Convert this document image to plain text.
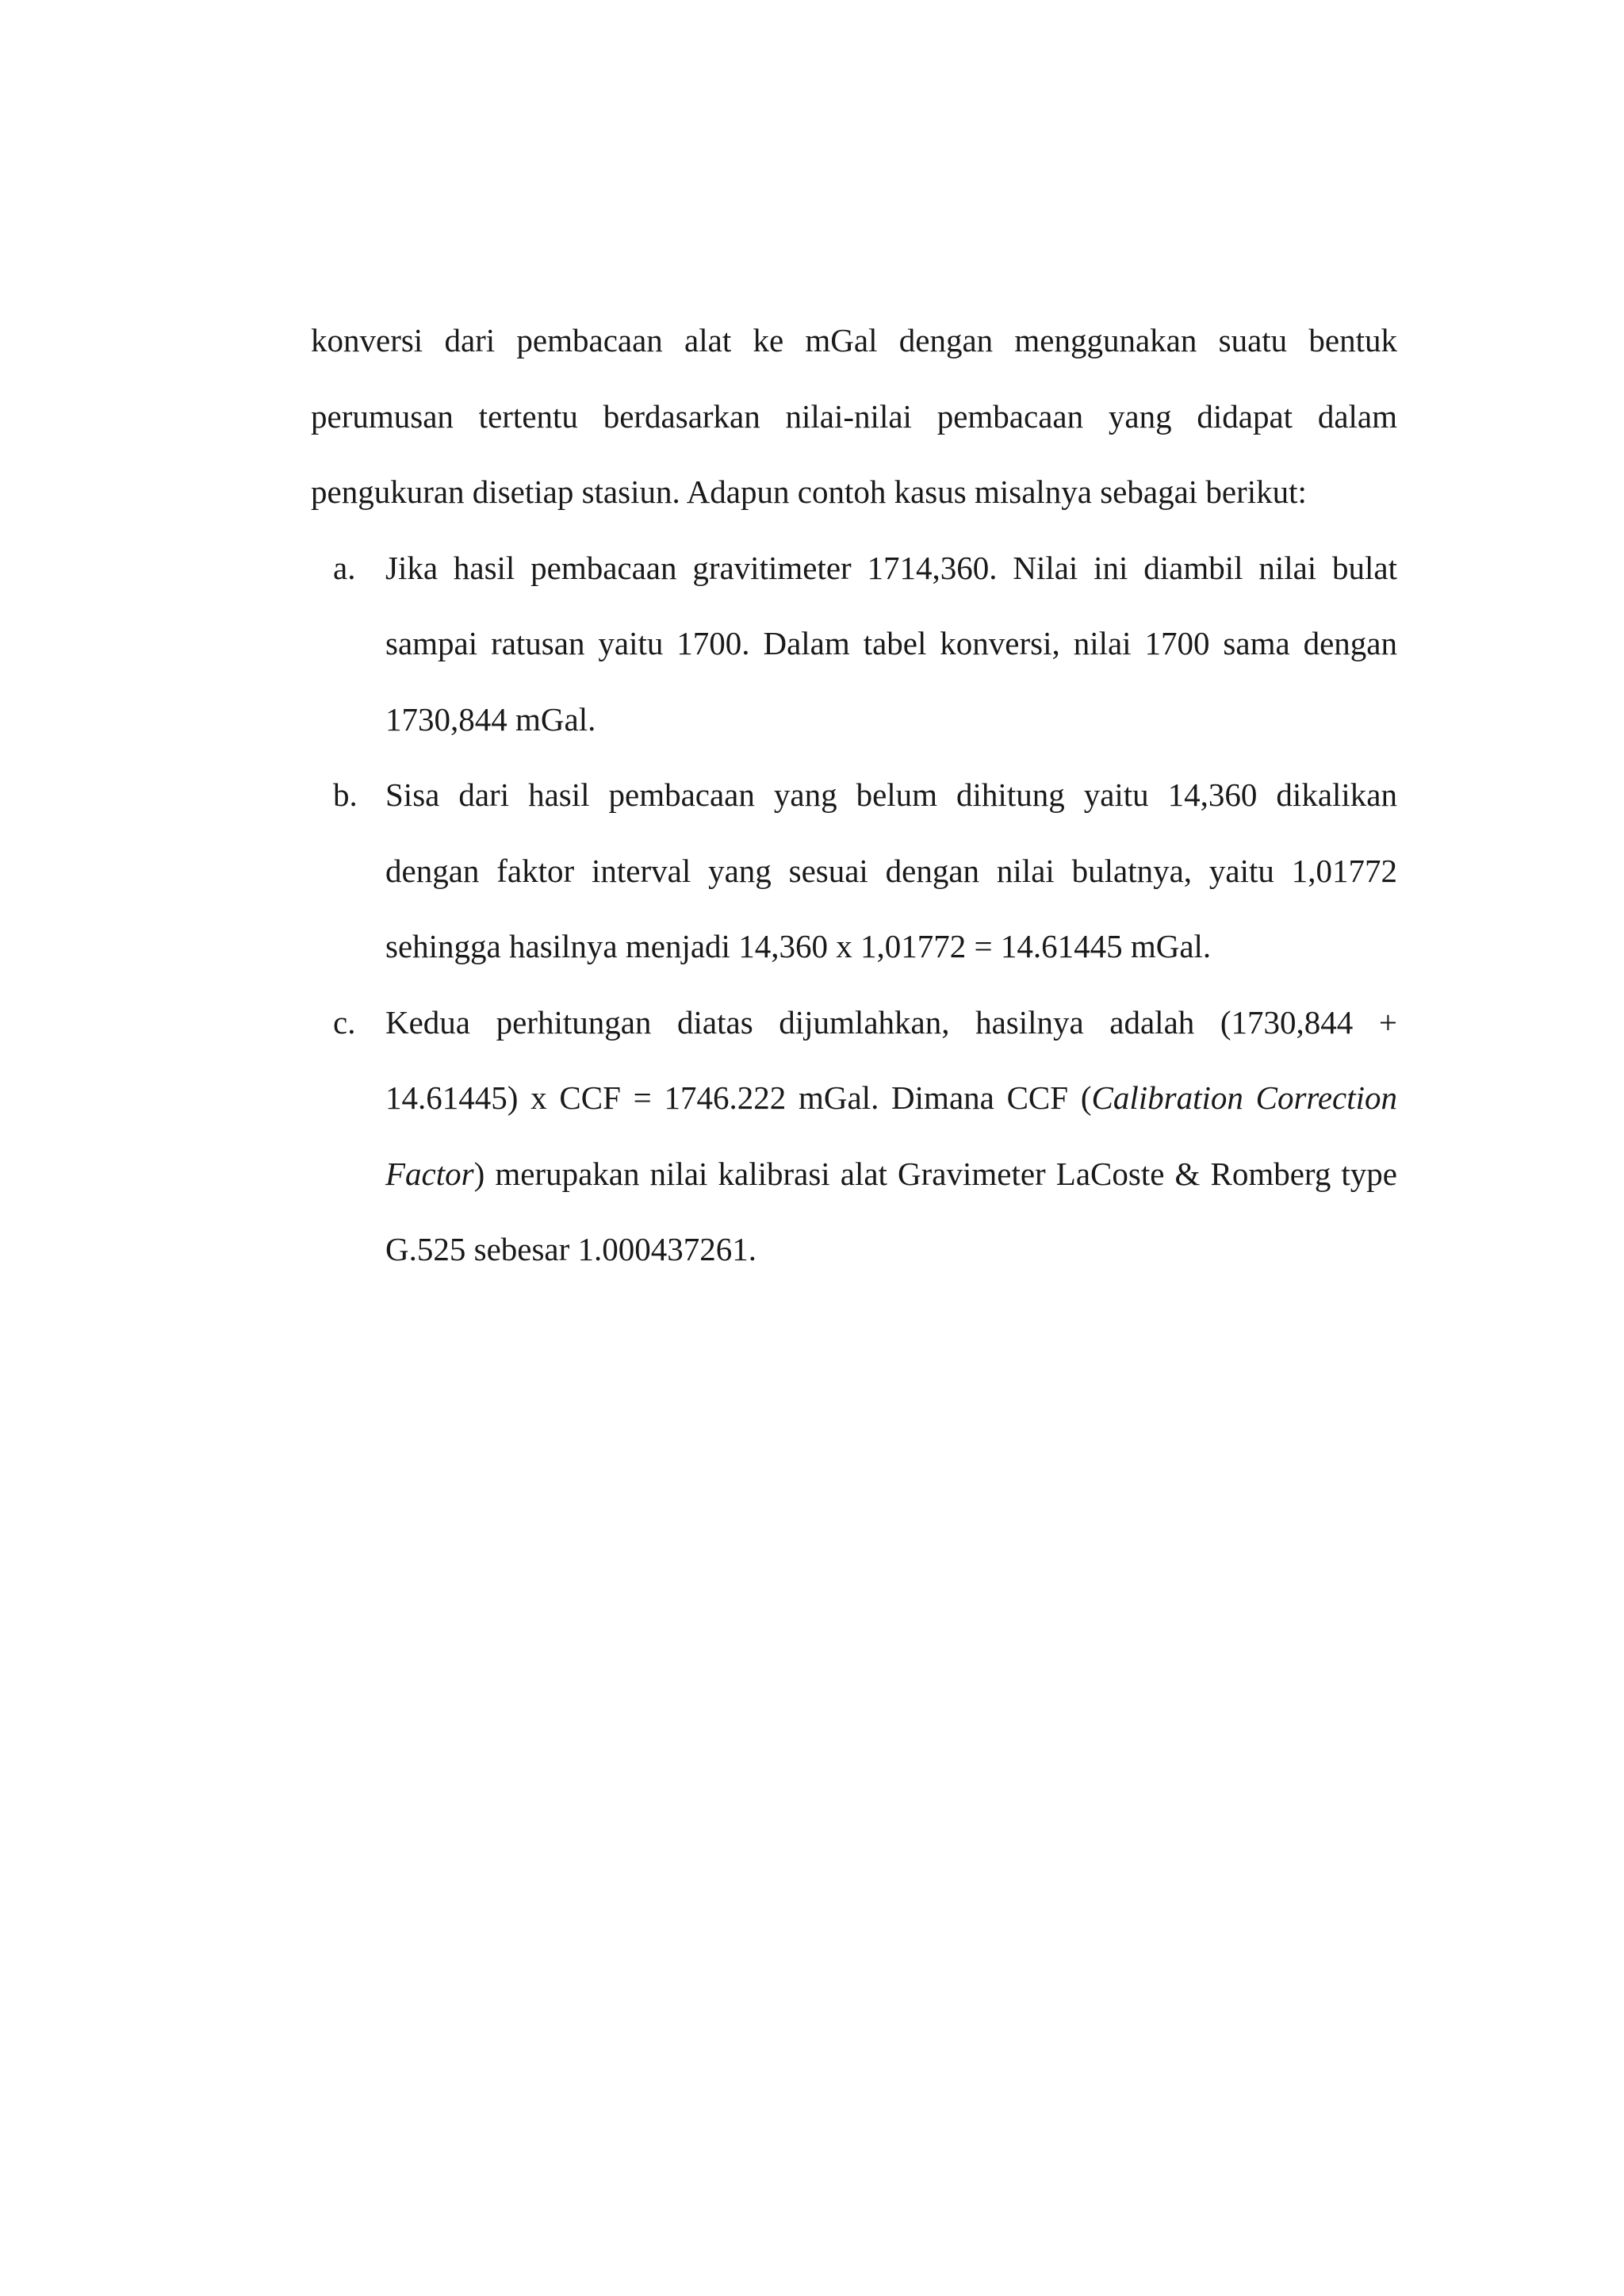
konversi dari pembacaan alat ke mGal dengan menggunakan suatu bentuk perumusan tertentu berdasarkan nilai-nilai pembacaan yang didapat dalam pengukuran disetiap stasiun. Adapun contoh kasus misalnya sebagai berikut:

a. Jika hasil pembacaan gravitimeter 1714,360. Nilai ini diambil nilai bulat sampai ratusan yaitu 1700. Dalam tabel konversi, nilai 1700 sama dengan 1730,844 mGal.
b. Sisa dari hasil pembacaan yang belum dihitung yaitu 14,360 dikalikan dengan faktor interval yang sesuai dengan nilai bulatnya, yaitu 1,01772 sehingga hasilnya menjadi 14,360 x 1,01772 = 14.61445 mGal.
c. Kedua perhitungan diatas dijumlahkan, hasilnya adalah (1730,844 + 14.61445) x CCF = 1746.222 mGal. Dimana CCF (Calibration Correction Factor) merupakan nilai kalibrasi alat Gravimeter LaCoste & Romberg type G.525 sebesar 1.000437261.
